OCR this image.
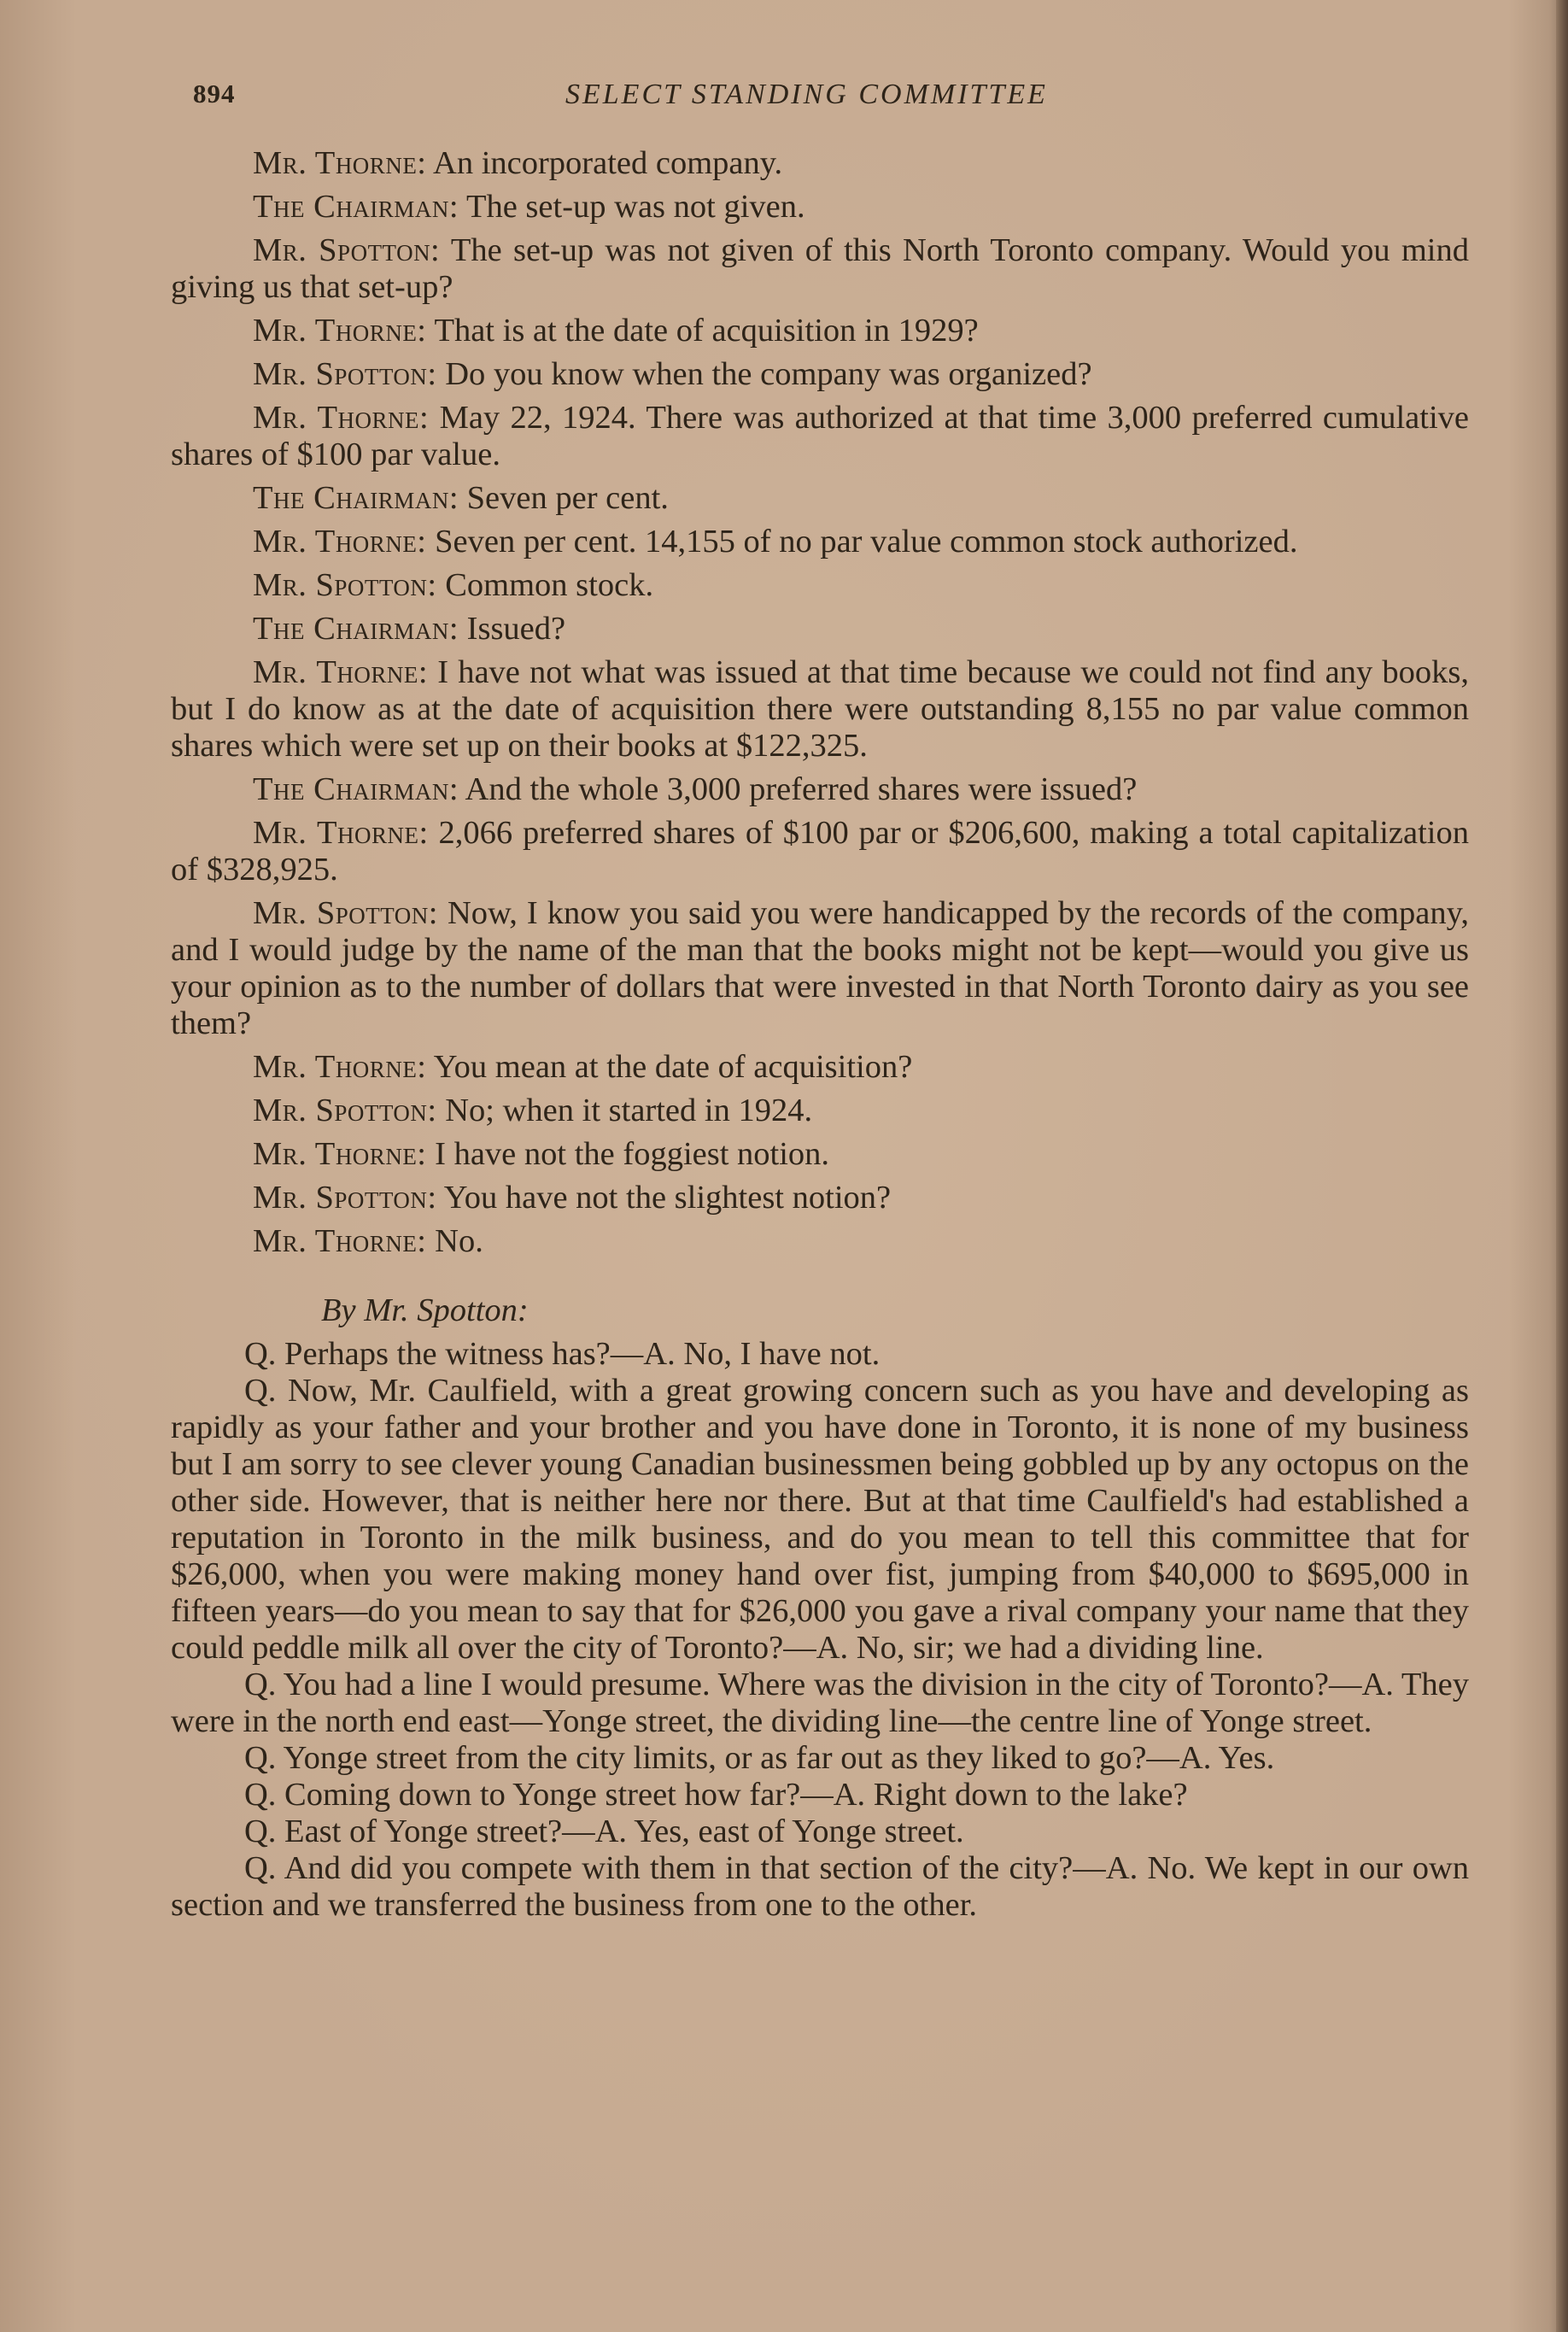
894	SELECT STANDING COMMITTEE

Mr. Thorne: An incorporated company.

The Chairman: The set-up was not given.

Mr. Spotton: The set-up was not given of this North Toronto company. Would you mind giving us that set-up?

Mr. Thorne: That is at the date of acquisition in 1929?

Mr. Spotton: Do you know when the company was organized?

Mr. Thorne: May 22, 1924. There was authorized at that time 3,000 preferred cumulative shares of $100 par value.

The Chairman: Seven per cent.

Mr. Thorne: Seven per cent. 14,155 of no par value common stock authorized.

Mr. Spotton: Common stock.

The Chairman: Issued?

Mr. Thorne: I have not what was issued at that time because we could not find any books, but I do know as at the date of acquisition there were outstanding 8,155 no par value common shares which were set up on their books at $122,325.

The Chairman: And the whole 3,000 preferred shares were issued?

Mr. Thorne: 2,066 preferred shares of $100 par or $206,600, making a total capitalization of $328,925.

Mr. Spotton: Now, I know you said you were handicapped by the records of the company, and I would judge by the name of the man that the books might not be kept—would you give us your opinion as to the number of dollars that were invested in that North Toronto dairy as you see them?

Mr. Thorne: You mean at the date of acquisition?

Mr. Spotton: No; when it started in 1924.

Mr. Thorne: I have not the foggiest notion.

Mr. Spotton: You have not the slightest notion?

Mr. Thorne: No.

By Mr. Spotton:

Q. Perhaps the witness has?—A. No, I have not.

Q. Now, Mr. Caulfield, with a great growing concern such as you have and developing as rapidly as your father and your brother and you have done in Toronto, it is none of my business but I am sorry to see clever young Canadian businessmen being gobbled up by any octopus on the other side. However, that is neither here nor there. But at that time Caulfield's had established a reputation in Toronto in the milk business, and do you mean to tell this committee that for $26,000, when you were making money hand over fist, jumping from $40,000 to $695,000 in fifteen years—do you mean to say that for $26,000 you gave a rival company your name that they could peddle milk all over the city of Toronto?—A. No, sir; we had a dividing line.

Q. You had a line I would presume. Where was the division in the city of Toronto?—A. They were in the north end east—Yonge street, the dividing line—the centre line of Yonge street.

Q. Yonge street from the city limits, or as far out as they liked to go?—A. Yes.

Q. Coming down to Yonge street how far?—A. Right down to the lake?

Q. East of Yonge street?—A. Yes, east of Yonge street.

Q. And did you compete with them in that section of the city?—A. No. We kept in our own section and we transferred the business from one to the other.
